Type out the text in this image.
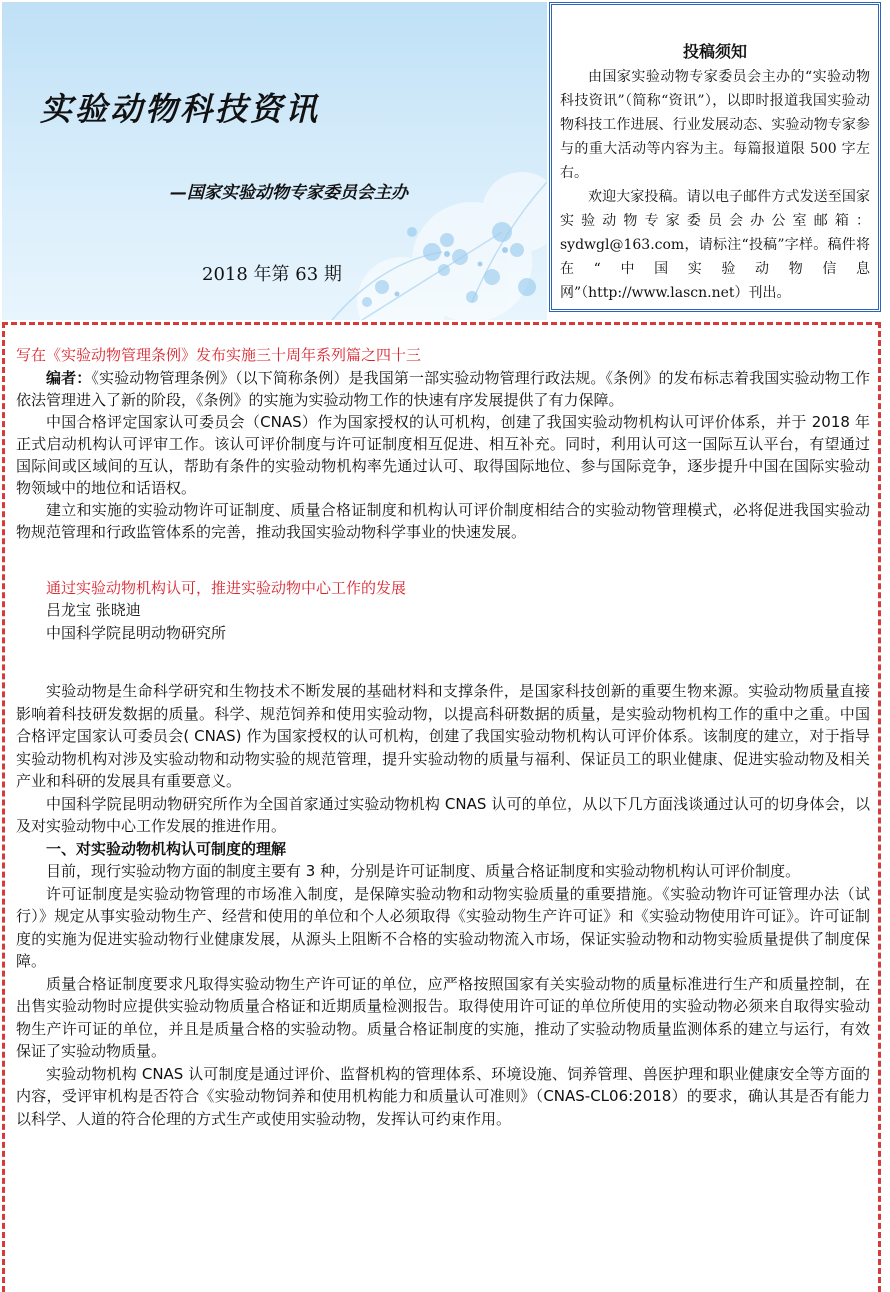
实验动物科技资讯

—国家实验动物专家委员会主办

2018 年第 63 期

投稿须知

由国家实验动物专家委员会主办的“实验动物科技资讯”（简称“资讯”），以即时报道我国实验动物科技工作进展、行业发展动态、实验动物专家参与的重大活动等内容为主。每篇报道限 500 字左右。

欢迎大家投稿。请以电子邮件方式发送至国家实验动物专家委员会办公室邮箱：sydwgl@163.com，请标注“投稿”字样。稿件将在“中国实验动物信息网”（http://www.lascn.net）刊出。

写在《实验动物管理条例》发布实施三十周年系列篇之四十三

编者：《实验动物管理条例》（以下简称条例）是我国第一部实验动物管理行政法规。《条例》的发布标志着我国实验动物工作依法管理进入了新的阶段，《条例》的实施为实验动物工作的快速有序发展提供了有力保障。

中国合格评定国家认可委员会（CNAS）作为国家授权的认可机构，创建了我国实验动物机构认可评价体系，并于 2018 年正式启动机构认可评审工作。该认可评价制度与许可证制度相互促进、相互补充。同时，利用认可这一国际互认平台，有望通过国际间或区域间的互认，帮助有条件的实验动物机构率先通过认可、取得国际地位、参与国际竞争，逐步提升中国在国际实验动物领域中的地位和话语权。

建立和实施的实验动物许可证制度、质量合格证制度和机构认可评价制度相结合的实验动物管理模式，必将促进我国实验动物规范管理和行政监管体系的完善，推动我国实验动物科学事业的快速发展。

通过实验动物机构认可，推进实验动物中心工作的发展

吕龙宝 张晓迪

中国科学院昆明动物研究所

实验动物是生命科学研究和生物技术不断发展的基础材料和支撑条件，是国家科技创新的重要生物来源。实验动物质量直接影响着科技研发数据的质量。科学、规范饲养和使用实验动物，以提高科研数据的质量，是实验动物机构工作的重中之重。中国合格评定国家认可委员会( CNAS) 作为国家授权的认可机构，创建了我国实验动物机构认可评价体系。该制度的建立，对于指导实验动物机构对涉及实验动物和动物实验的规范管理，提升实验动物的质量与福利、保证员工的职业健康、促进实验动物及相关产业和科研的发展具有重要意义。

中国科学院昆明动物研究所作为全国首家通过实验动物机构 CNAS 认可的单位，从以下几方面浅谈通过认可的切身体会，以及对实验动物中心工作发展的推进作用。

一、对实验动物机构认可制度的理解

目前，现行实验动物方面的制度主要有 3 种，分别是许可证制度、质量合格证制度和实验动物机构认可评价制度。

许可证制度是实验动物管理的市场准入制度，是保障实验动物和动物实验质量的重要措施。《实验动物许可证管理办法（试行）》规定从事实验动物生产、经营和使用的单位和个人必须取得《实验动物生产许可证》和《实验动物使用许可证》。许可证制度的实施为促进实验动物行业健康发展，从源头上阻断不合格的实验动物流入市场，保证实验动物和动物实验质量提供了制度保障。

质量合格证制度要求凡取得实验动物生产许可证的单位，应严格按照国家有关实验动物的质量标准进行生产和质量控制，在出售实验动物时应提供实验动物质量合格证和近期质量检测报告。取得使用许可证的单位所使用的实验动物必须来自取得实验动物生产许可证的单位，并且是质量合格的实验动物。质量合格证制度的实施，推动了实验动物质量监测体系的建立与运行，有效保证了实验动物质量。

实验动物机构 CNAS 认可制度是通过评价、监督机构的管理体系、环境设施、饲养管理、兽医护理和职业健康安全等方面的内容，受评审机构是否符合《实验动物饲养和使用机构能力和质量认可准则》（CNAS-CL06:2018）的要求，确认其是否有能力以科学、人道的符合伦理的方式生产或使用实验动物，发挥认可约束作用。
